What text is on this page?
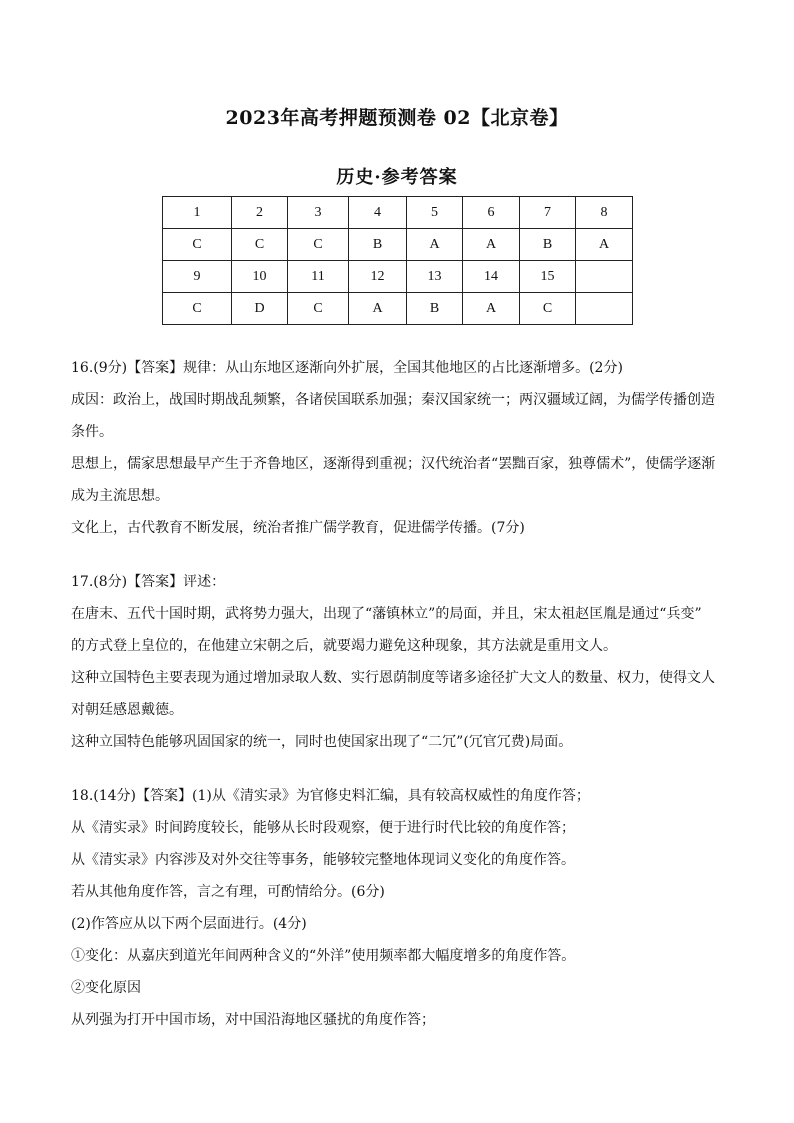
2023年高考押题预测卷 02【北京卷】
历史·参考答案
1	2	3	4	5	6	7	8
C	C	C	B	A	A	B	A
9	10	11	12	13	14	15	
C	D	C	A	B	A	C	

16.(9分)【答案】规律：从山东地区逐渐向外扩展，全国其他地区的占比逐渐增多。(2分)

成因：政治上，战国时期战乱频繁，各诸侯国联系加强；秦汉国家统一；两汉疆域辽阔，为儒学传播创造

条件。

思想上，儒家思想最早产生于齐鲁地区，逐渐得到重视；汉代统治者“罢黜百家，独尊儒术”，使儒学逐渐

成为主流思想。

文化上，古代教育不断发展，统治者推广儒学教育，促进儒学传播。(7分)

17.(8分)【答案】评述：

在唐末、五代十国时期，武将势力强大，出现了“藩镇林立”的局面，并且，宋太祖赵匡胤是通过“兵变”

的方式登上皇位的，在他建立宋朝之后，就要竭力避免这种现象，其方法就是重用文人。

这种立国特色主要表现为通过增加录取人数、实行恩荫制度等诸多途径扩大文人的数量、权力，使得文人

对朝廷感恩戴德。

这种立国特色能够巩固国家的统一，同时也使国家出现了“二冗”(冗官冗费)局面。

18.(14分)【答案】(1)从《清实录》为官修史料汇编，具有较高权威性的角度作答；

从《清实录》时间跨度较长，能够从长时段观察，便于进行时代比较的角度作答；

从《清实录》内容涉及对外交往等事务，能够较完整地体现词义变化的角度作答。

若从其他角度作答，言之有理，可酌情给分。(6分)

(2)作答应从以下两个层面进行。(4分)

①变化：从嘉庆到道光年间两种含义的“外洋”使用频率都大幅度增多的角度作答。

②变化原因

从列强为打开中国市场，对中国沿海地区骚扰的角度作答；
